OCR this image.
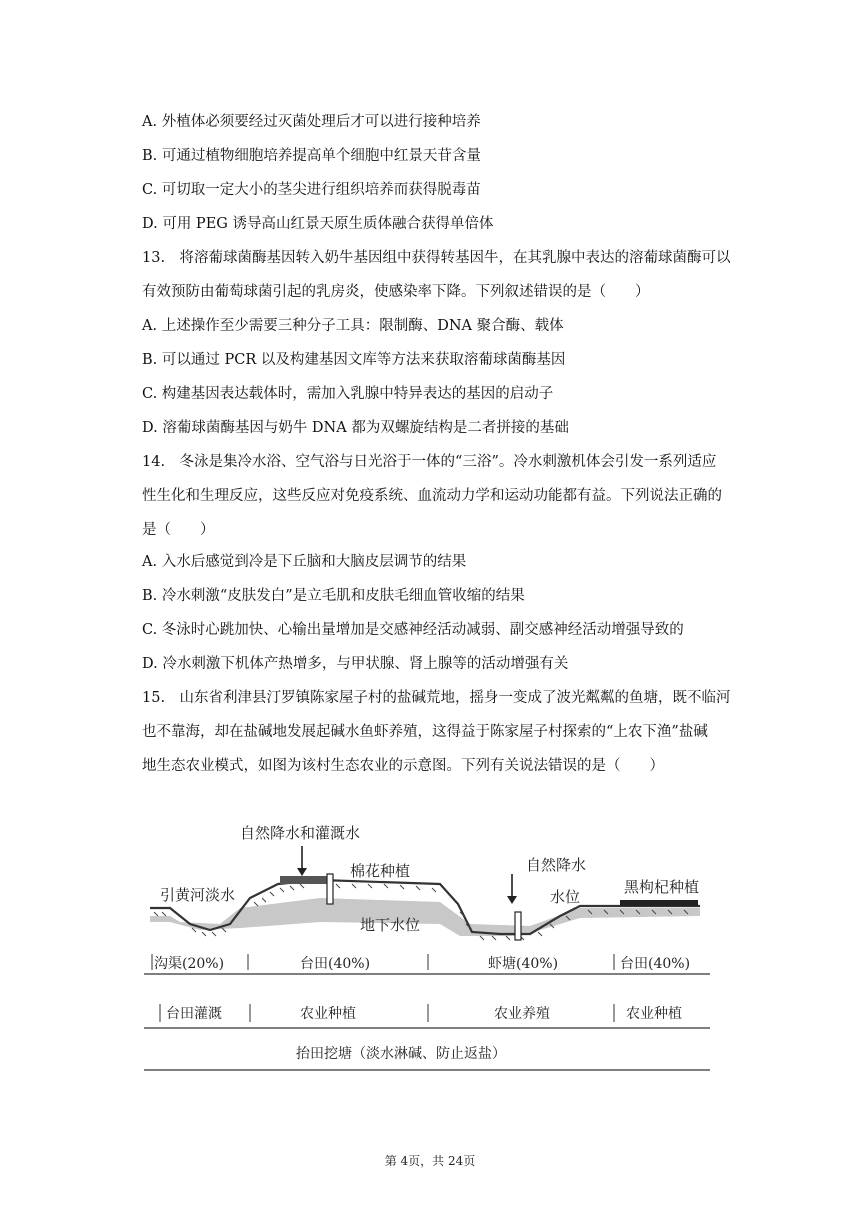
A. 外植体必须要经过灭菌处理后才可以进行接种培养
B. 可通过植物细胞培养提高单个细胞中红景天苷含量
C. 可切取一定大小的茎尖进行组织培养而获得脱毒苗
D. 可用 PEG 诱导高山红景天原生质体融合获得单倍体
13.　将溶葡球菌酶基因转入奶牛基因组中获得转基因牛，在其乳腺中表达的溶葡球菌酶可以
有效预防由葡萄球菌引起的乳房炎，使感染率下降。下列叙述错误的是（　　）
A. 上述操作至少需要三种分子工具：限制酶、DNA 聚合酶、载体
B. 可以通过 PCR 以及构建基因文库等方法来获取溶葡球菌酶基因
C. 构建基因表达载体时，需加入乳腺中特异表达的基因的启动子
D. 溶葡球菌酶基因与奶牛 DNA 都为双螺旋结构是二者拼接的基础
14.　冬泳是集冷水浴、空气浴与日光浴于一体的“三浴”。冷水刺激机体会引发一系列适应
性生化和生理反应，这些反应对免疫系统、血流动力学和运动功能都有益。下列说法正确的
是（　　）
A. 入水后感觉到冷是下丘脑和大脑皮层调节的结果
B. 冷水刺激“皮肤发白”是立毛肌和皮肤毛细血管收缩的结果
C. 冬泳时心跳加快、心输出量增加是交感神经活动减弱、副交感神经活动增强导致的
D. 冷水刺激下机体产热增多，与甲状腺、肾上腺等的活动增强有关
15.　山东省利津县汀罗镇陈家屋子村的盐碱荒地，摇身一变成了波光粼粼的鱼塘，既不临河
也不靠海，却在盐碱地发展起碱水鱼虾养殖，这得益于陈家屋子村探索的“上农下渔”盐碱
地生态农业模式，如图为该村生态农业的示意图。下列有关说法错误的是（　　）
自然降水和灌溉水
棉花种植
引黄河淡水
自然降水
水位
黑枸杞种植
地下水位
沟渠(20%)	台田(40%)	虾塘(40%)	台田(40%)
台田灌溉	农业种植	农业养殖	农业种植
抬田挖塘（淡水淋碱、防止返盐）
第 4页，共 24页
